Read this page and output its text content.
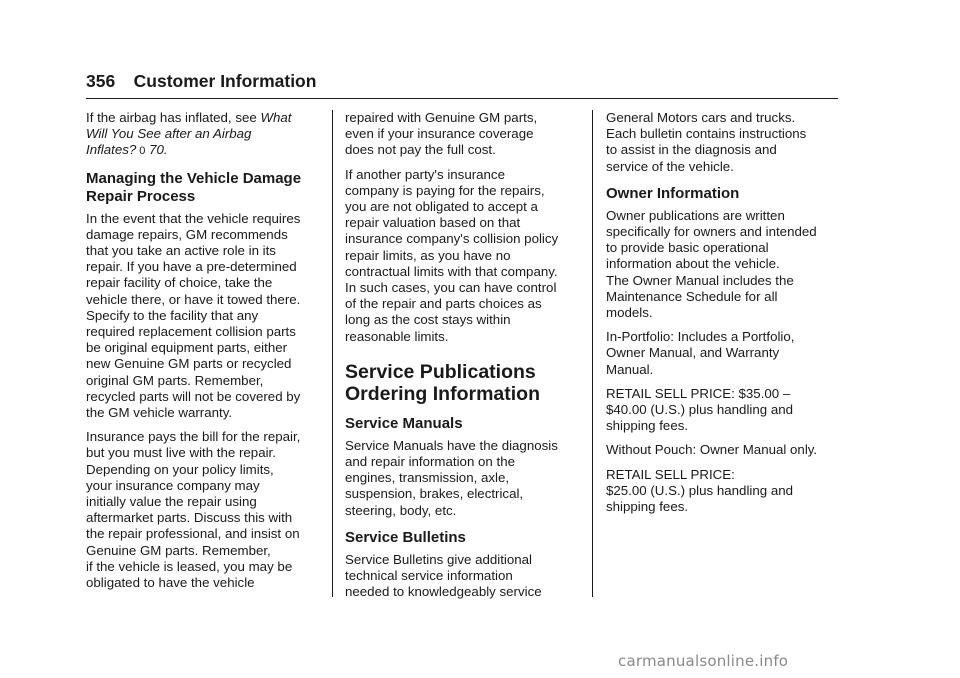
356 Customer Information

If the airbag has inflated, see What
Will You See after an Airbag
Inflates? 0 70.

Managing the Vehicle Damage
Repair Process

In the event that the vehicle requires
damage repairs, GM recommends
that you take an active role in its
repair. If you have a pre-determined
repair facility of choice, take the
vehicle there, or have it towed there.
Specify to the facility that any
required replacement collision parts
be original equipment parts, either
new Genuine GM parts or recycled
original GM parts. Remember,
recycled parts will not be covered by
the GM vehicle warranty.

Insurance pays the bill for the repair,
but you must live with the repair.
Depending on your policy limits,
your insurance company may
initially value the repair using
aftermarket parts. Discuss this with
the repair professional, and insist on
Genuine GM parts. Remember,
if the vehicle is leased, you may be
obligated to have the vehicle

repaired with Genuine GM parts,
even if your insurance coverage
does not pay the full cost.

If another party's insurance
company is paying for the repairs,
you are not obligated to accept a
repair valuation based on that
insurance company's collision policy
repair limits, as you have no
contractual limits with that company.
In such cases, you can have control
of the repair and parts choices as
long as the cost stays within
reasonable limits.

Service Publications
Ordering Information
Service Manuals

Service Manuals have the diagnosis
and repair information on the
engines, transmission, axle,
suspension, brakes, electrical,
steering, body, etc.

Service Bulletins

Service Bulletins give additional
technical service information
needed to knowledgeably service

General Motors cars and trucks.
Each bulletin contains instructions
to assist in the diagnosis and
service of the vehicle.

Owner Information

Owner publications are written
specifically for owners and intended
to provide basic operational
information about the vehicle.
The Owner Manual includes the
Maintenance Schedule for all
models.

In-Portfolio: Includes a Portfolio,
Owner Manual, and Warranty
Manual.

RETAIL SELL PRICE: $35.00 –
$40.00 (U.S.) plus handling and
shipping fees.

Without Pouch: Owner Manual only.

RETAIL SELL PRICE:
$25.00 (U.S.) plus handling and
shipping fees.

carmanualsonline.info
